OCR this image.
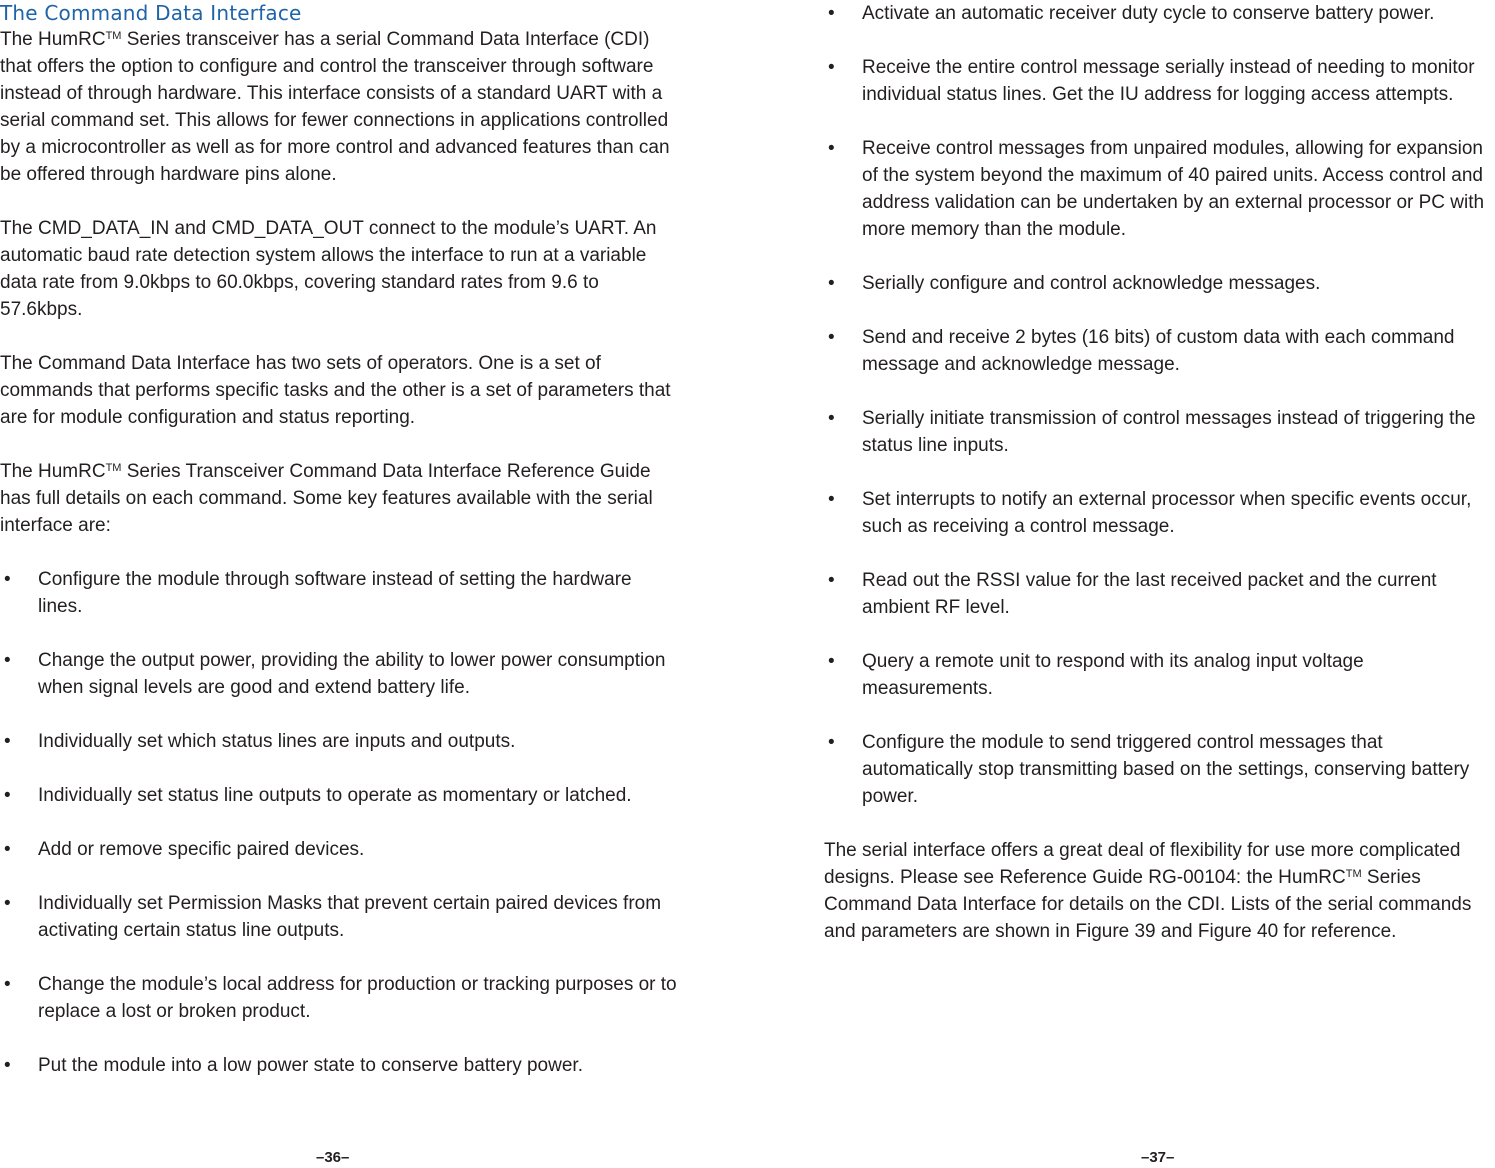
The Command Data Interface

The HumRC™ Series transceiver has a serial Command Data Interface (CDI) that offers the option to configure and control the transceiver through software instead of through hardware. This interface consists of a standard UART with a serial command set. This allows for fewer connections in applications controlled by a microcontroller as well as for more control and advanced features than can be offered through hardware pins alone.

The CMD_DATA_IN and CMD_DATA_OUT connect to the module’s UART. An automatic baud rate detection system allows the interface to run at a variable data rate from 9.0kbps to 60.0kbps, covering standard rates from 9.6 to 57.6kbps.

The Command Data Interface has two sets of operators. One is a set of commands that performs specific tasks and the other is a set of parameters that are for module configuration and status reporting.

The HumRC™ Series Transceiver Command Data Interface Reference Guide has full details on each command. Some key features available with the serial interface are:

• Configure the module through software instead of setting the hardware lines.
• Change the output power, providing the ability to lower power consumption when signal levels are good and extend battery life.
• Individually set which status lines are inputs and outputs.
• Individually set status line outputs to operate as momentary or latched.
• Add or remove specific paired devices.
• Individually set Permission Masks that prevent certain paired devices from activating certain status line outputs.
• Change the module’s local address for production or tracking purposes or to replace a lost or broken product.
• Put the module into a low power state to conserve battery power.
• Activate an automatic receiver duty cycle to conserve battery power.
• Receive the entire control message serially instead of needing to monitor individual status lines. Get the IU address for logging access attempts.
• Receive control messages from unpaired modules, allowing for expansion of the system beyond the maximum of 40 paired units. Access control and address validation can be undertaken by an external processor or PC with more memory than the module.
• Serially configure and control acknowledge messages.
• Send and receive 2 bytes (16 bits) of custom data with each command message and acknowledge message.
• Serially initiate transmission of control messages instead of triggering the status line inputs.
• Set interrupts to notify an external processor when specific events occur, such as receiving a control message.
• Read out the RSSI value for the last received packet and the current ambient RF level.
• Query a remote unit to respond with its analog input voltage measurements.
• Configure the module to send triggered control messages that automatically stop transmitting based on the settings, conserving battery power.

The serial interface offers a great deal of flexibility for use more complicated designs. Please see Reference Guide RG-00104: the HumRC™ Series Command Data Interface for details on the CDI. Lists of the serial commands and parameters are shown in Figure 39 and Figure 40 for reference.

–36–	–37–
